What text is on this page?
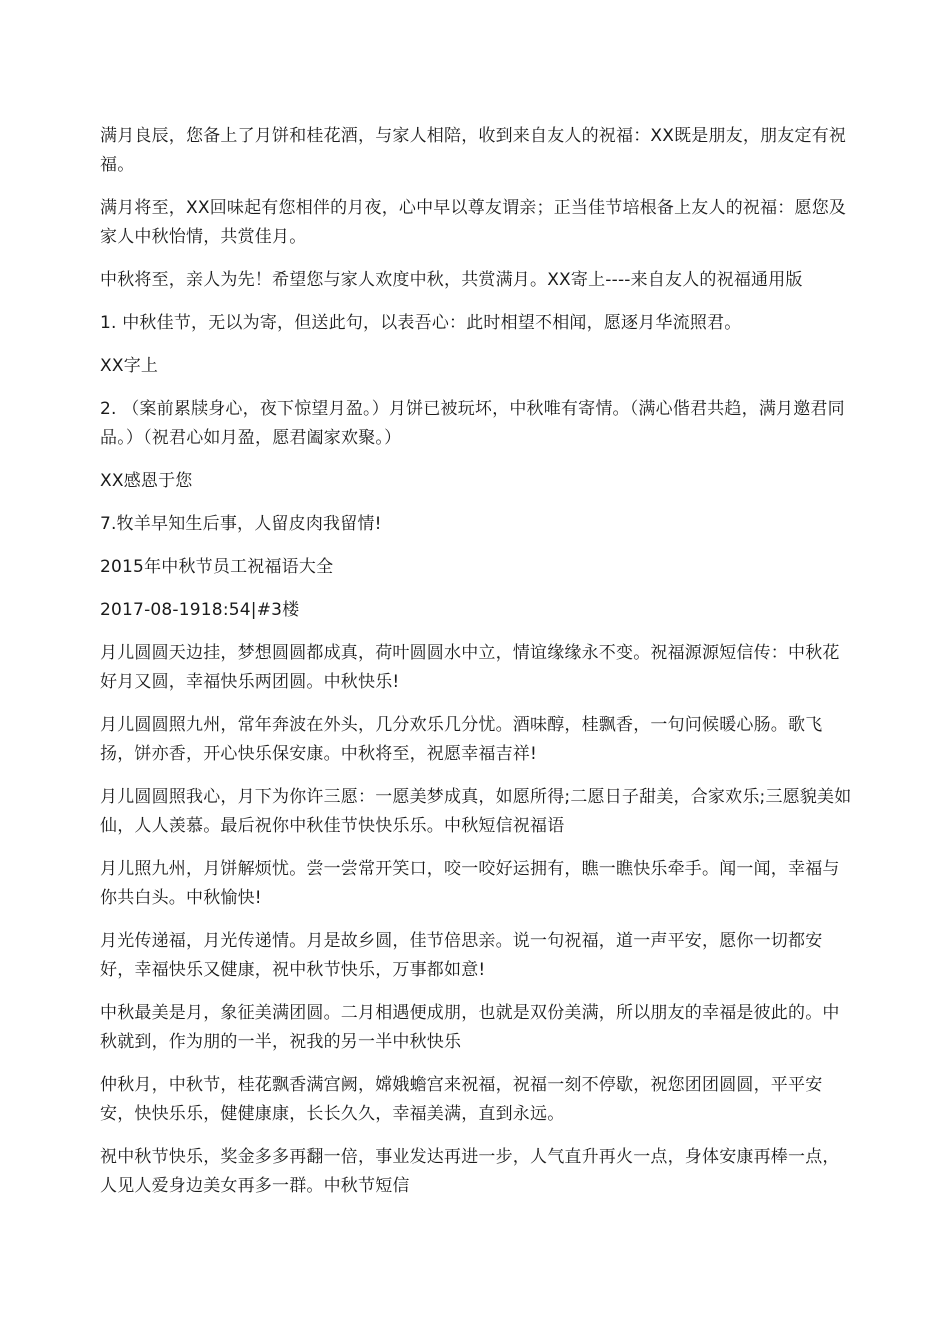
满月良辰，您备上了月饼和桂花酒，与家人相陪，收到来自友人的祝福：XX既是朋友，朋友定有祝福。

满月将至，XX回味起有您相伴的月夜，心中早以尊友谓亲；正当佳节培根备上友人的祝福：愿您及家人中秋怡情，共赏佳月。

中秋将至，亲人为先！希望您与家人欢度中秋，共赏满月。XX寄上----来自友人的祝福通用版

1. 中秋佳节，无以为寄，但送此句，以表吾心：此时相望不相闻，愿逐月华流照君。

XX字上

2. （案前累牍身心，夜下惊望月盈。）月饼已被玩坏，中秋唯有寄情。（满心偕君共趋，满月邀君同品。）（祝君心如月盈，愿君阖家欢聚。）

XX感恩于您

7.牧羊早知生后事，人留皮肉我留情!

2015年中秋节员工祝福语大全

2017-08-1918:54|#3楼

月儿圆圆天边挂，梦想圆圆都成真，荷叶圆圆水中立，情谊缘缘永不变。祝福源源短信传：中秋花好月又圆，幸福快乐两团圆。中秋快乐!

月儿圆圆照九州，常年奔波在外头，几分欢乐几分忧。酒味醇，桂飘香，一句问候暖心肠。歌飞扬，饼亦香，开心快乐保安康。中秋将至，祝愿幸福吉祥!

月儿圆圆照我心，月下为你许三愿：一愿美梦成真，如愿所得;二愿日子甜美，合家欢乐;三愿貌美如仙，人人羡慕。最后祝你中秋佳节快快乐乐。中秋短信祝福语

月儿照九州，月饼解烦忧。尝一尝常开笑口，咬一咬好运拥有，瞧一瞧快乐牵手。闻一闻，幸福与你共白头。中秋愉快!

月光传递福，月光传递情。月是故乡圆，佳节倍思亲。说一句祝福，道一声平安，愿你一切都安好，幸福快乐又健康，祝中秋节快乐，万事都如意!

中秋最美是月，象征美满团圆。二月相遇便成朋，也就是双份美满，所以朋友的幸福是彼此的。中秋就到，作为朋的一半，祝我的另一半中秋快乐

仲秋月，中秋节，桂花飘香满宫阙，嫦娥蟾宫来祝福，祝福一刻不停歇，祝您团团圆圆，平平安安，快快乐乐，健健康康，长长久久，幸福美满，直到永远。

祝中秋节快乐，奖金多多再翻一倍，事业发达再进一步，人气直升再火一点，身体安康再棒一点，人见人爱身边美女再多一群。中秋节短信
